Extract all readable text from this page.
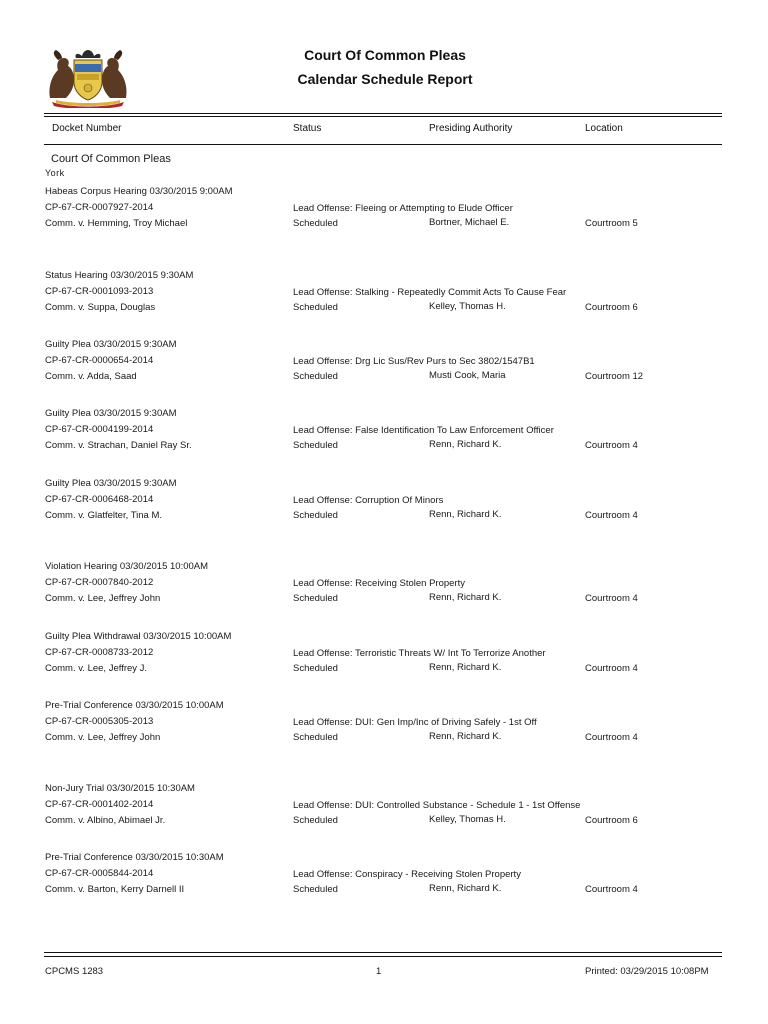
Court Of Common Pleas
Calendar Schedule Report
Docket Number	Status	Presiding Authority	Location
Court Of Common Pleas
York
Habeas Corpus Hearing 03/30/2015 9:00AM
CP-67-CR-0007927-2014
Comm. v. Hemming, Troy Michael
Lead Offense: Fleeing or Attempting to Elude Officer
Scheduled	Bortner, Michael E.	Courtroom 5
Status Hearing 03/30/2015 9:30AM
CP-67-CR-0001093-2013
Comm. v. Suppa, Douglas
Lead Offense: Stalking - Repeatedly Commit Acts To Cause Fear
Scheduled	Kelley, Thomas H.	Courtroom 6
Guilty Plea 03/30/2015 9:30AM
CP-67-CR-0000654-2014
Comm. v. Adda, Saad
Lead Offense: Drg Lic Sus/Rev Purs to Sec 3802/1547B1
Scheduled	Musti Cook, Maria	Courtroom 12
Guilty Plea 03/30/2015 9:30AM
CP-67-CR-0004199-2014
Comm. v. Strachan, Daniel Ray Sr.
Lead Offense: False Identification To Law Enforcement Officer
Scheduled	Renn, Richard K.	Courtroom 4
Guilty Plea 03/30/2015 9:30AM
CP-67-CR-0006468-2014
Comm. v. Glatfelter, Tina M.
Lead Offense: Corruption Of Minors
Scheduled	Renn, Richard K.	Courtroom 4
Violation Hearing 03/30/2015 10:00AM
CP-67-CR-0007840-2012
Comm. v. Lee, Jeffrey John
Lead Offense: Receiving Stolen Property
Scheduled	Renn, Richard K.	Courtroom 4
Guilty Plea Withdrawal 03/30/2015 10:00AM
CP-67-CR-0008733-2012
Comm. v. Lee, Jeffrey J.
Lead Offense: Terroristic Threats W/ Int To Terrorize Another
Scheduled	Renn, Richard K.	Courtroom 4
Pre-Trial Conference 03/30/2015 10:00AM
CP-67-CR-0005305-2013
Comm. v. Lee, Jeffrey John
Lead Offense: DUI: Gen Imp/Inc of Driving Safely - 1st Off
Scheduled	Renn, Richard K.	Courtroom 4
Non-Jury Trial 03/30/2015 10:30AM
CP-67-CR-0001402-2014
Comm. v. Albino, Abimael Jr.
Lead Offense: DUI: Controlled Substance - Schedule 1 - 1st Offense
Scheduled	Kelley, Thomas H.	Courtroom 6
Pre-Trial Conference 03/30/2015 10:30AM
CP-67-CR-0005844-2014
Comm. v. Barton, Kerry Darnell II
Lead Offense: Conspiracy - Receiving Stolen Property
Scheduled	Renn, Richard K.	Courtroom 4
CPCMS 1283	1	Printed: 03/29/2015 10:08PM
